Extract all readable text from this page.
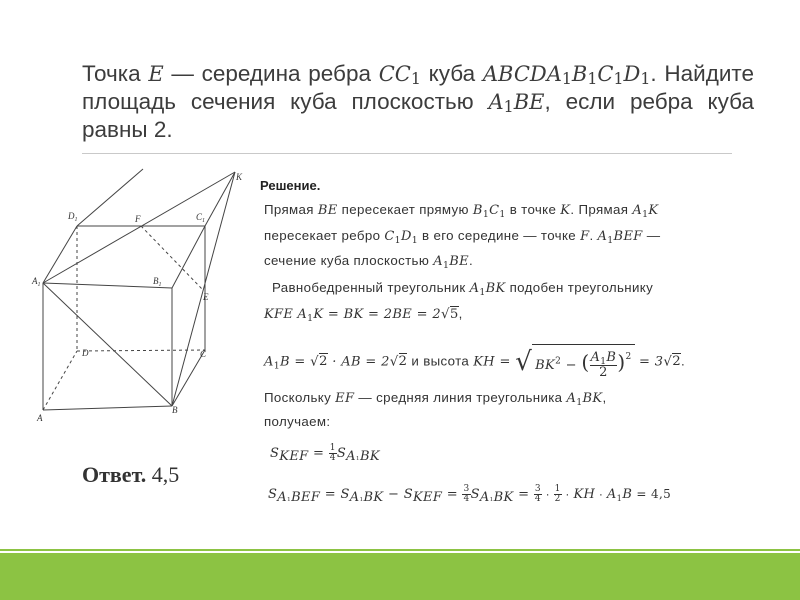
Точка E — середина ребра $CC_1$ куба $ABCDA_1B_1C_1D_1$. Найдите площадь сечения куба плоскостью $A_1BE$, если ребра куба равны 2.
K
$D_1$	F	$C_1$
$A_1$	$B_1$
E
D	C
A
B
Решение.
Прямая BE пересекает прямую $B_1C_1$ в точке K. Прямая $A_1K$
пересекает ребро $C_1D_1$ в его середине — точке F. $A_1BEF$ —
сечение куба плоскостью $A_1BE$.
Равнобедренный треугольник $A_1BK$ подобен треугольнику
KFE $A_1K$ = BK = 2BE = 2√5,
$A_1B = √2$ · AB = 2√2 и высота KH = √ $BK^2$ − ( $\frac{A_1B}{2} )^2 = 3√2$.
Поскольку EF — средняя линия треугольника $A_1BK$,
получаем:
$S_{KEF} = \frac{1}{4} S_{A1BK}$
$S_{A1BEF} = S_{A1BK} - S_{KEF} = \frac{3}{4} S_{A1BK} = \frac{3}{4} \cdot \frac{1}{2}$ · KH · $A_1B = 4,5$
Ответ. 4,5
